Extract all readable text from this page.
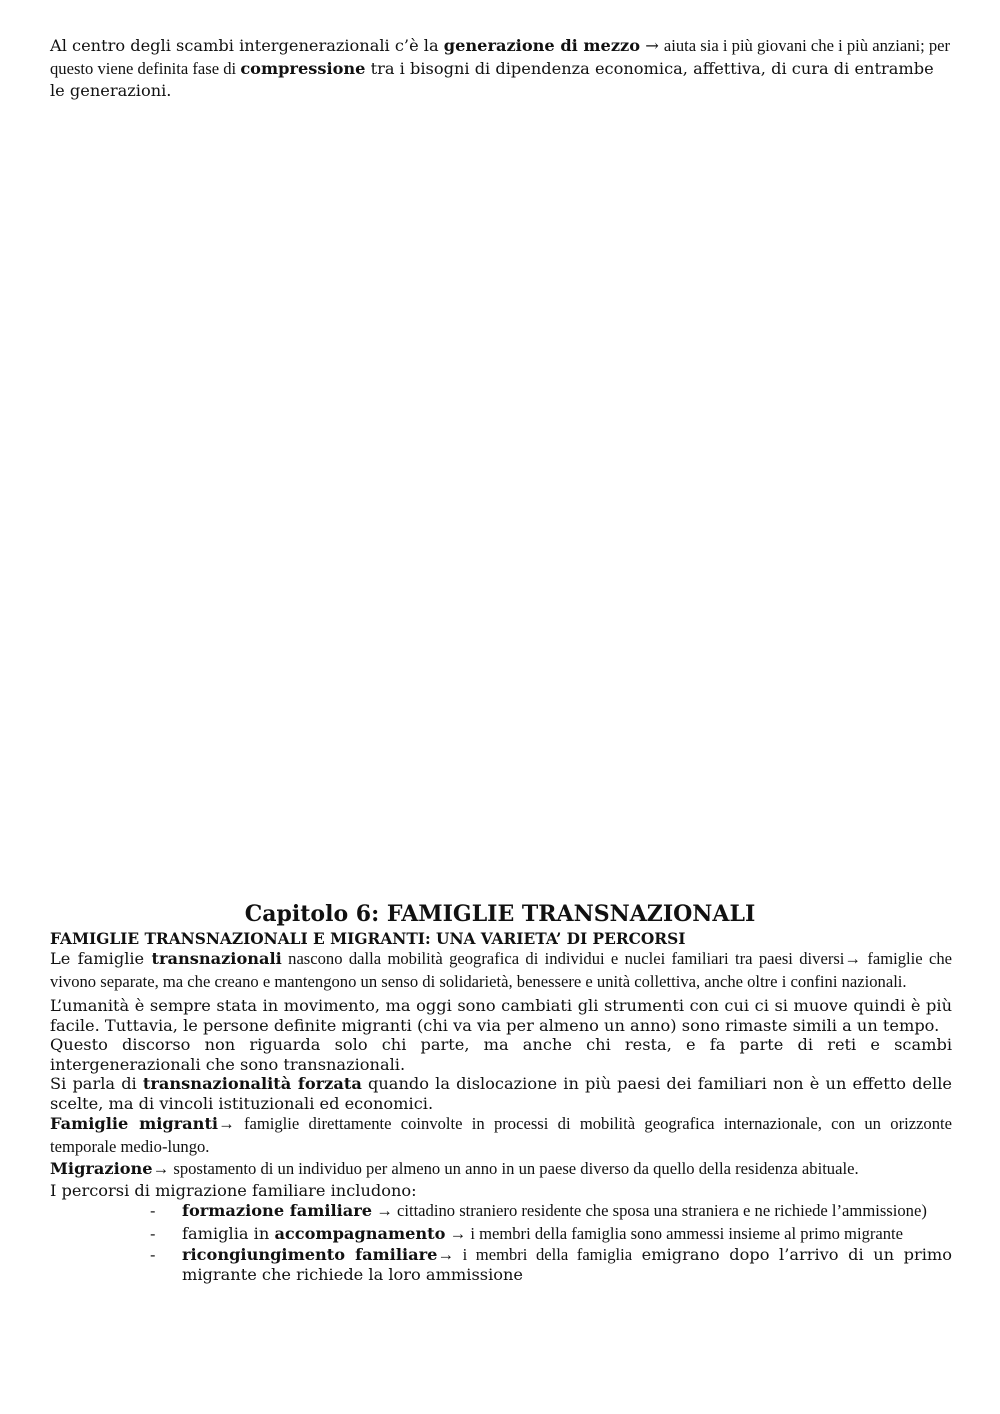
Al centro degli scambi intergenerazionali c’è la generazione di mezzo → aiuta sia i più giovani che i più anziani; per questo viene definita fase di compressione tra i bisogni di dipendenza economica, affettiva, di cura di entrambe le generazioni.
Capitolo 6: FAMIGLIE TRANSNAZIONALI
FAMIGLIE TRANSNAZIONALI E MIGRANTI: UNA VARIETA’ DI PERCORSI

Le famiglie transnazionali nascono dalla mobilità geografica di individui e nuclei familiari tra paesi diversi→ famiglie che vivono separate, ma che creano e mantengono un senso di solidarietà, benessere e unità collettiva, anche oltre i confini nazionali.

L’umanità è sempre stata in movimento, ma oggi sono cambiati gli strumenti con cui ci si muove quindi è più facile. Tuttavia, le persone definite migranti (chi va via per almeno un anno) sono rimaste simili a un tempo.

Questo discorso non riguarda solo chi parte, ma anche chi resta, e fa parte di reti e scambi intergenerazionali che sono transnazionali.

Si parla di transnazionalità forzata quando la dislocazione in più paesi dei familiari non è un effetto delle scelte, ma di vincoli istituzionali ed economici.

Famiglie migranti→ famiglie direttamente coinvolte in processi di mobilità geografica internazionale, con un orizzonte temporale medio-lungo.

Migrazione→ spostamento di un individuo per almeno un anno in un paese diverso da quello della residenza abituale.

I percorsi di migrazione familiare includono:

- formazione familiare → cittadino straniero residente che sposa una straniera e ne richiede l’ammissione)
- famiglia in accompagnamento → i membri della famiglia sono ammessi insieme al primo migrante
- ricongiungimento familiare→ i membri della famiglia emigrano dopo l’arrivo di un primo migrante che richiede la loro ammissione
